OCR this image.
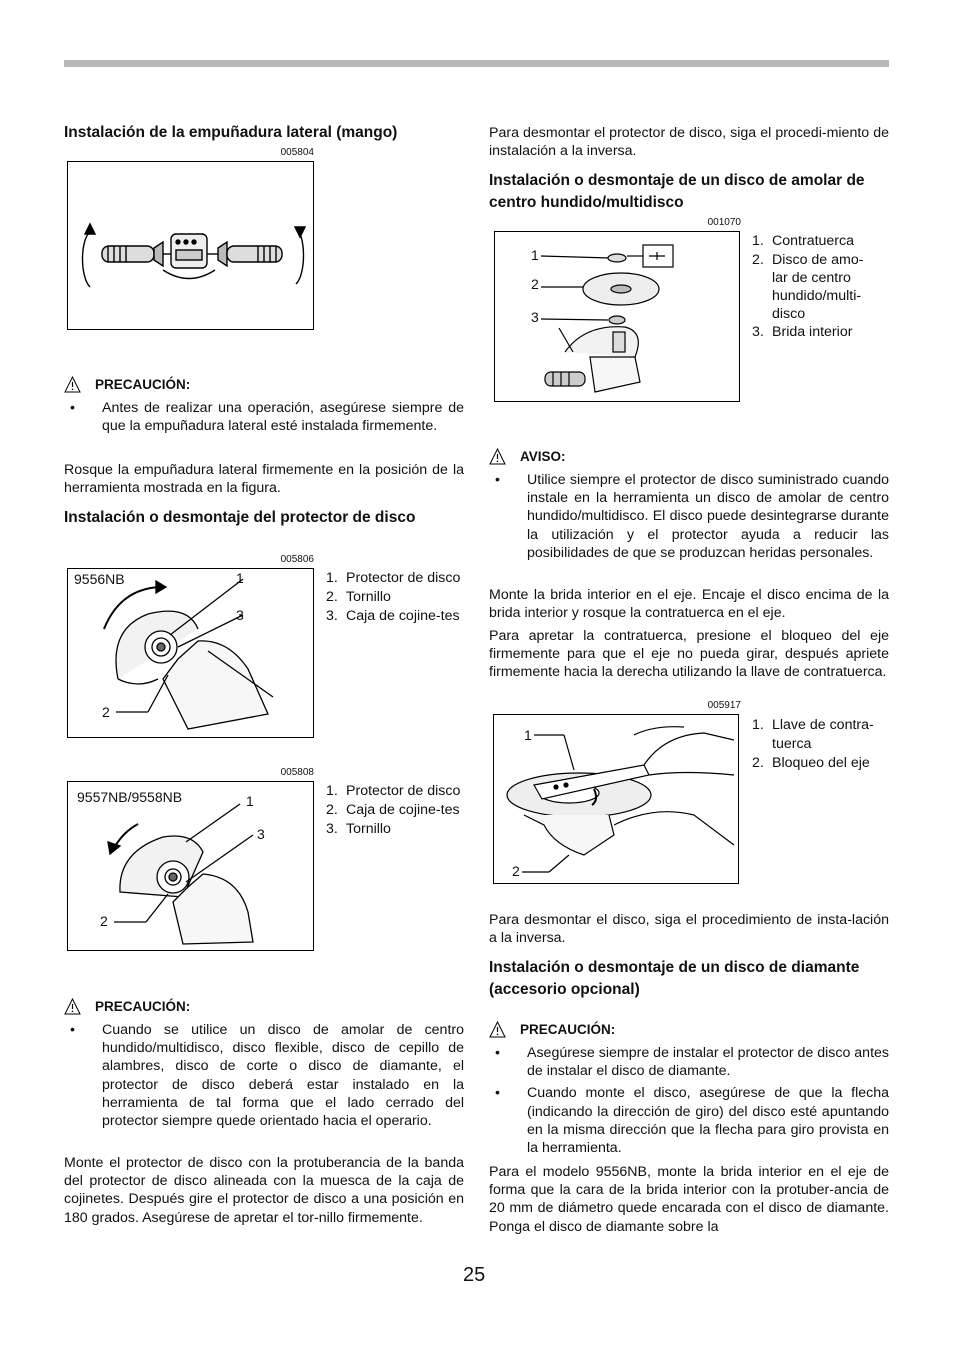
Instalación de la empuñadura lateral (mango)
005804
PRECAUCIÓN:
•	Antes de realizar una operación, asegúrese siempre de que la empuñadura lateral esté instalada firmemente.

Rosque la empuñadura lateral firmemente en la posición de la herramienta mostrada en la figura.

Instalación o desmontaje del protector de disco
005806
9556NB	1
3
2
1. Protector de disco
2. Tornillo
3. Caja de cojine-tes
005808
9557NB/9558NB	1
3
2
1. Protector de disco
2. Caja de cojine-tes
3. Tornillo
PRECAUCIÓN:
•	Cuando se utilice un disco de amolar de centro hundido/multidisco, disco flexible, disco de cepillo de alambres, disco de corte o disco de diamante, el protector de disco deberá estar instalado en la herramienta de tal forma que el lado cerrado del protector siempre quede orientado hacia el operario.

Monte el protector de disco con la protuberancia de la banda del protector de disco alineada con la muesca de la caja de cojinetes. Después gire el protector de disco a una posición en 180 grados. Asegúrese de apretar el tor-nillo firmemente.

Para desmontar el protector de disco, siga el procedi-miento de instalación a la inversa.

Instalación o desmontaje de un disco de amolar de centro hundido/multidisco
001070
1
2
3
1. Contratuerca
2. Disco de amo-lar de centro hundido/multi-disco
3. Brida interior
AVISO:
•	Utilice siempre el protector de disco suministrado cuando instale en la herramienta un disco de amolar de centro hundido/multidisco. El disco puede desintegrarse durante la utilización y el protector ayuda a reducir las posibilidades de que se produzcan heridas personales.

Monte la brida interior en el eje. Encaje el disco encima de la brida interior y rosque la contratuerca en el eje.

Para apretar la contratuerca, presione el bloqueo del eje firmemente para que el eje no pueda girar, después apriete firmemente hacia la derecha utilizando la llave de contratuerca.

005917
1
2
1. Llave de contra-tuerca
2. Bloqueo del eje

Para desmontar el disco, siga el procedimiento de insta-lación a la inversa.

Instalación o desmontaje de un disco de diamante (accesorio opcional)
PRECAUCIÓN:
•	Asegúrese siempre de instalar el protector de disco antes de instalar el disco de diamante.
•	Cuando monte el disco, asegúrese de que la flecha (indicando la dirección de giro) del disco esté apuntando en la misma dirección que la flecha para giro provista en la herramienta.

Para el modelo 9556NB, monte la brida interior en el eje de forma que la cara de la brida interior con la protuber-ancia de 20 mm de diámetro quede encarada con el disco de diamante. Ponga el disco de diamante sobre la

25
